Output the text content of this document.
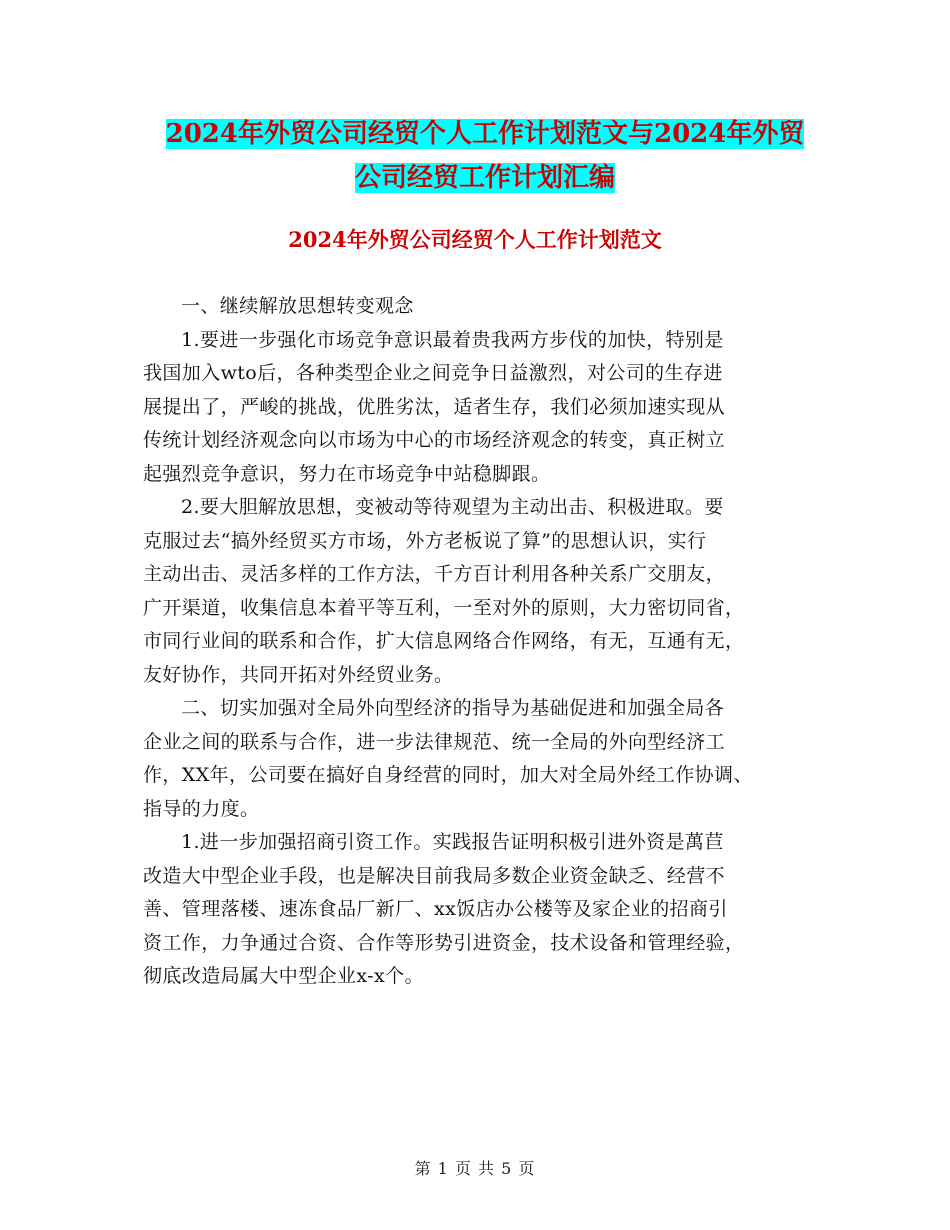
2024年外贸公司经贸个人工作计划范文与2024年外贸
公司经贸工作计划汇编
2024年外贸公司经贸个人工作计划范文

一、继续解放思想转变观念

1.要进一步强化市场竞争意识最着贵我两方步伐的加快，特别是

我国加入wto后，各种类型企业之间竞争日益激烈，对公司的生存进

展提出了，严峻的挑战，优胜劣汰，适者生存，我们必须加速实现从

传统计划经济观念向以市场为中心的市场经济观念的转变，真正树立

起强烈竞争意识，努力在市场竞争中站稳脚跟。

2.要大胆解放思想，变被动等待观望为主动出击、积极进取。要

克服过去“搞外经贸买方市场，外方老板说了算”的思想认识，实行

主动出击、灵活多样的工作方法，千方百计利用各种关系广交朋友，

广开渠道，收集信息本着平等互利，一至对外的原则，大力密切同省，

市同行业间的联系和合作，扩大信息网络合作网络，有无，互通有无，

友好协作，共同开拓对外经贸业务。

二、切实加强对全局外向型经济的指导为基础促进和加强全局各

企业之间的联系与合作，进一步法律规范、统一全局的外向型经济工

作，XX年，公司要在搞好自身经营的同时，加大对全局外经工作协调、

指导的力度。

1.进一步加强招商引资工作。实践报告证明积极引进外资是萬苣

改造大中型企业手段，也是解决目前我局多数企业资金缺乏、经营不

善、管理落楼、速冻食品厂新厂、xx饭店办公楼等及家企业的招商引

资工作，力争通过合资、合作等形势引进资金，技术设备和管理经验，

彻底改造局属大中型企业x-x个。

第 1 页 共 5 页
